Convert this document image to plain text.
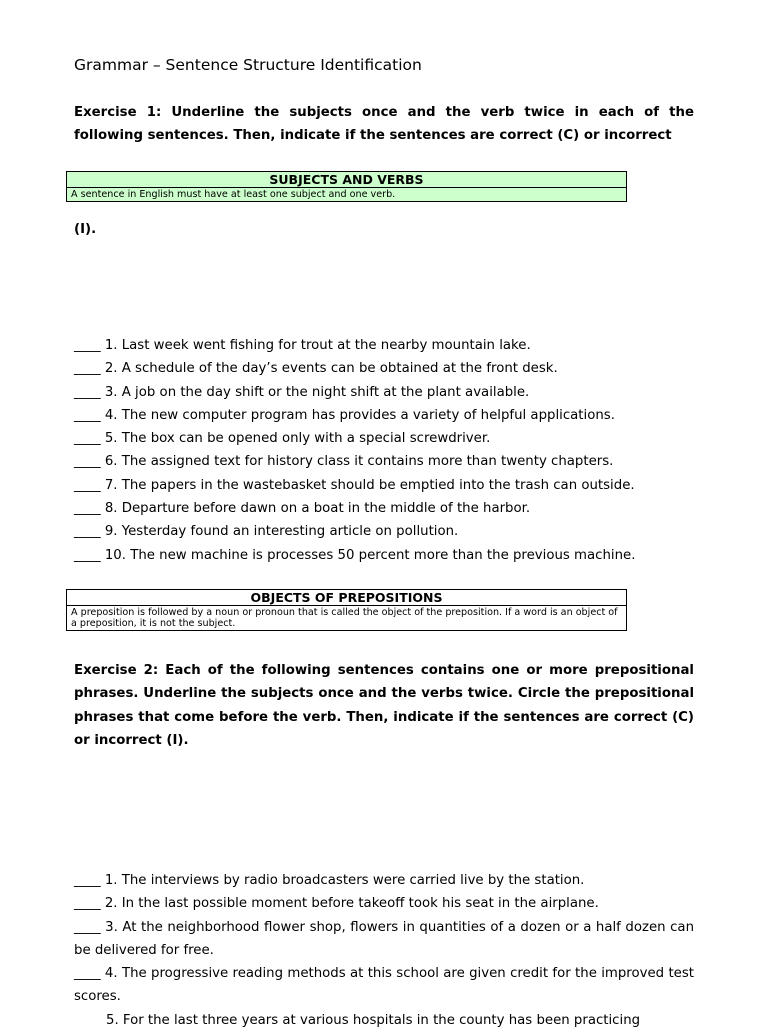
Grammar – Sentence Structure Identification
Exercise 1: Underline the subjects once and the verb twice in each of the following sentences. Then, indicate if the sentences are correct (C) or incorrect
SUBJECTS AND VERBS
A sentence in English must have at least one subject and one verb.
(I).
____ 1. Last week went fishing for trout at the nearby mountain lake.
____ 2. A schedule of the day’s events can be obtained at the front desk.
____ 3. A job on the day shift or the night shift at the plant available.
____ 4. The new computer program has provides a variety of helpful applications.
____ 5. The box can be opened only with a special screwdriver.
____ 6. The assigned text for history class it contains more than twenty chapters.
____ 7. The papers in the wastebasket should be emptied into the trash can outside.
____ 8. Departure before dawn on a boat in the middle of the harbor.
____ 9. Yesterday found an interesting article on pollution.
____ 10. The new machine is processes 50 percent more than the previous machine.
OBJECTS OF PREPOSITIONS
A preposition is followed by a noun or pronoun that is called the object of the preposition. If a word is an object of a preposition, it is not the subject.
Exercise 2: Each of the following sentences contains one or more prepositional phrases. Underline the subjects once and the verbs twice. Circle the prepositional phrases that come before the verb. Then, indicate if the sentences are correct (C) or incorrect (I).
____ 1. The interviews by radio broadcasters were carried live by the station.
____ 2. In the last possible moment before takeoff took his seat in the airplane.
____ 3. At the neighborhood flower shop, flowers in quantities of a dozen or a half dozen can be delivered for free.
____ 4. The progressive reading methods at this school are given credit for the improved test scores.
5. For the last three years at various hospitals in the county has been practicing
